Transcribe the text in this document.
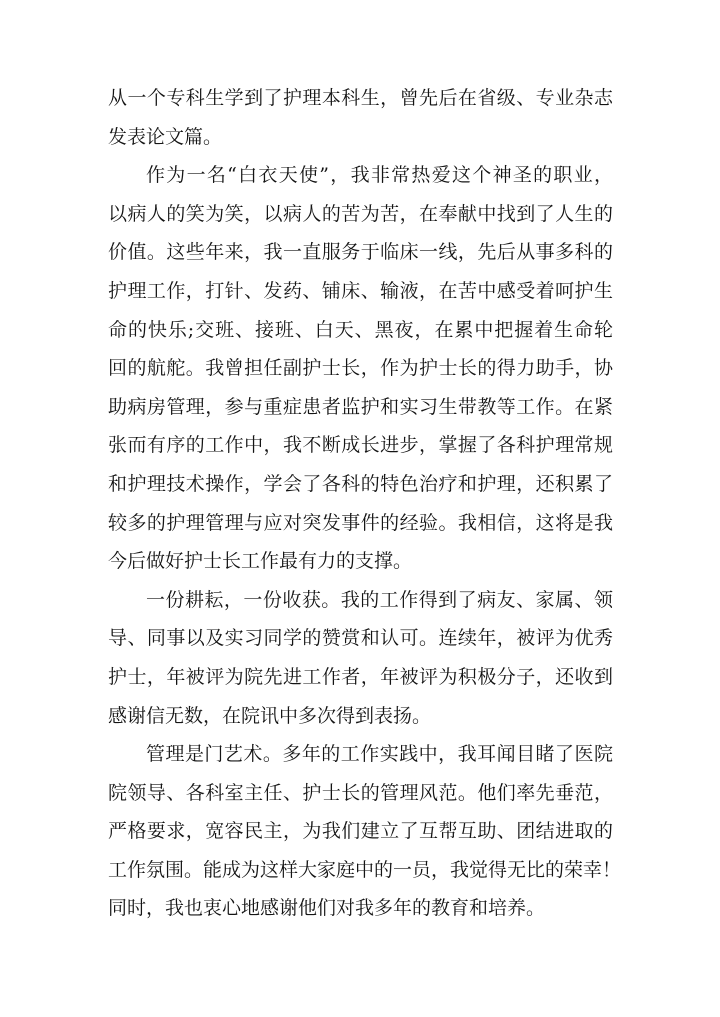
从一个专科生学到了护理本科生，曾先后在省级、专业杂志
发表论文篇。
作为一名“白衣天使”，我非常热爱这个神圣的职业，
以病人的笑为笑，以病人的苦为苦，在奉献中找到了人生的
价值。这些年来，我一直服务于临床一线，先后从事多科的
护理工作，打针、发药、铺床、输液，在苦中感受着呵护生
命的快乐;交班、接班、白天、黑夜，在累中把握着生命轮
回的航舵。我曾担任副护士长，作为护士长的得力助手，协
助病房管理，参与重症患者监护和实习生带教等工作。在紧
张而有序的工作中，我不断成长进步，掌握了各科护理常规
和护理技术操作，学会了各科的特色治疗和护理，还积累了
较多的护理管理与应对突发事件的经验。我相信，这将是我
今后做好护士长工作最有力的支撑。
一份耕耘，一份收获。我的工作得到了病友、家属、领
导、同事以及实习同学的赞赏和认可。连续年，被评为优秀
护士，年被评为院先进工作者，年被评为积极分子，还收到
感谢信无数，在院讯中多次得到表扬。
管理是门艺术。多年的工作实践中，我耳闻目睹了医院
院领导、各科室主任、护士长的管理风范。他们率先垂范，
严格要求，宽容民主，为我们建立了互帮互助、团结进取的
工作氛围。能成为这样大家庭中的一员，我觉得无比的荣幸！
同时，我也衷心地感谢他们对我多年的教育和培养。
